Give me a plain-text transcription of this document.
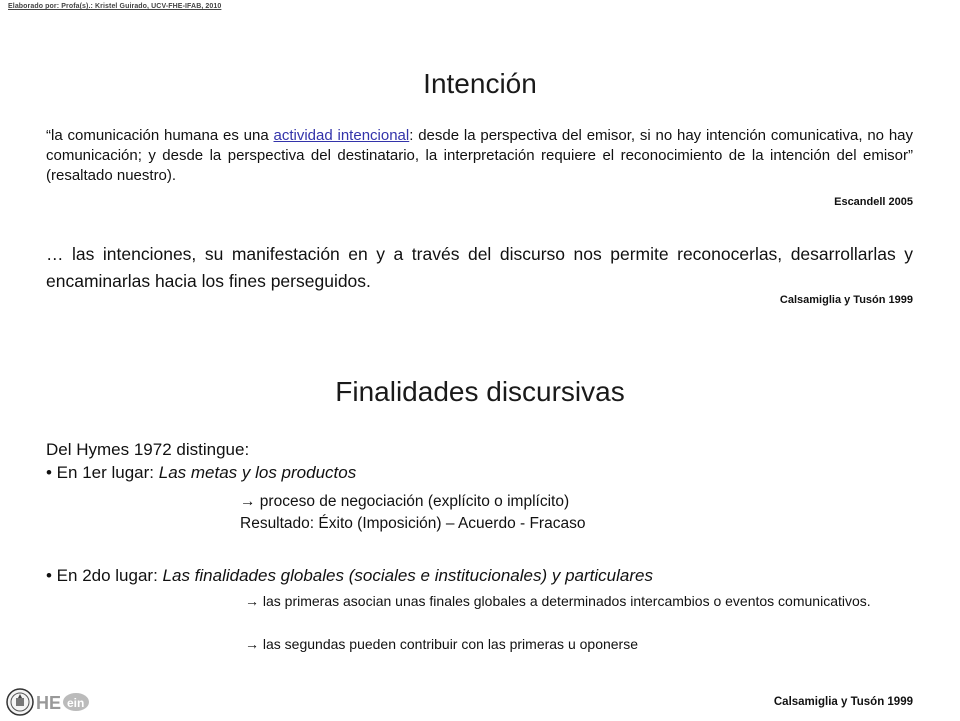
Elaborado por: Profa(s).: Kristel Guirado, UCV-FHE-IFAB, 2010
Intención
“la comunicación humana es una actividad intencional: desde la perspectiva del emisor, si no hay intención comunicativa, no hay comunicación; y desde la perspectiva del destinatario, la interpretación requiere el reconocimiento de la intención del emisor” (resaltado nuestro).
Escandell 2005
… las intenciones, su manifestación en y a través del discurso nos permite reconocerlas, desarrollarlas y encaminarlas hacia los fines perseguidos.
Calsamiglia y Tusón 1999
Finalidades discursivas
Del Hymes 1972 distingue:
• En 1er lugar: Las metas y los productos
→ proceso de negociación (explícito o implícito)
Resultado: Éxito (Imposición) – Acuerdo - Fracaso
• En 2do lugar: Las finalidades globales (sociales e institucionales) y particulares
→ las primeras asocian unas finales globales a determinados intercambios o eventos comunicativos.
→ las segundas pueden contribuir con las primeras u oponerse
HE ein	Calsamiglia y Tusón 1999
